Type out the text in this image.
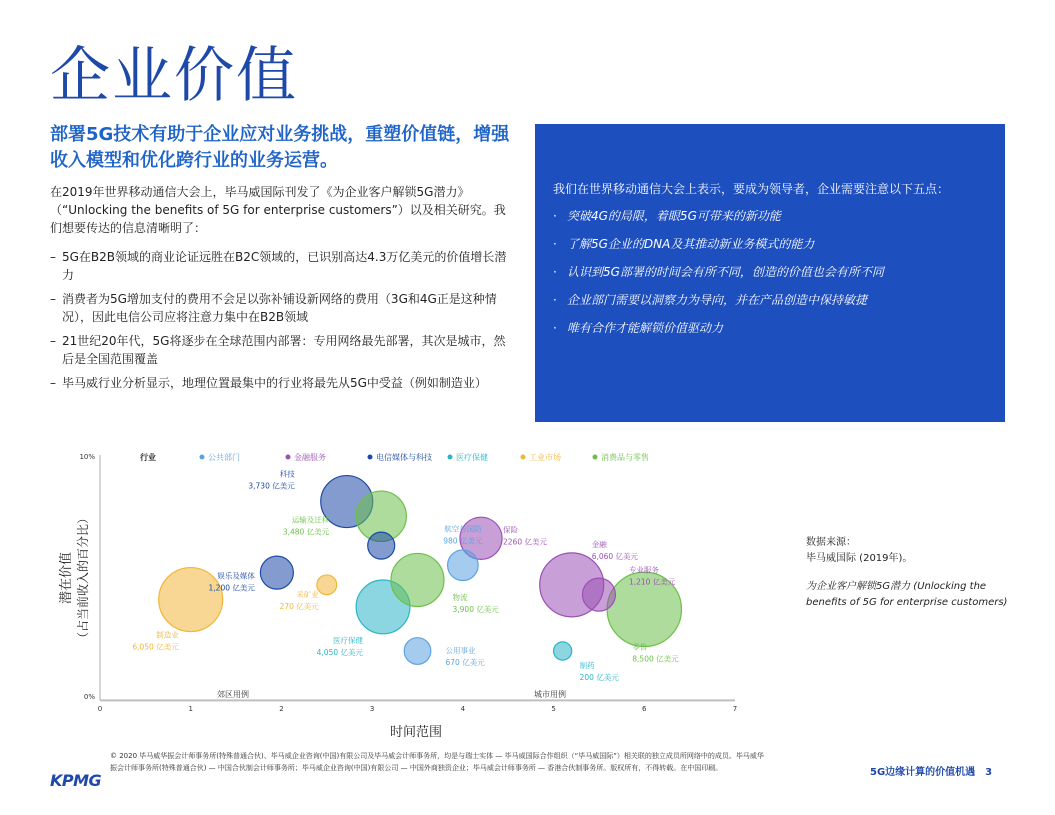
企业价值

部署5G技术有助于企业应对业务挑战，重塑价值链，增强收入模型和优化跨行业的业务运营。

在2019年世界移动通信大会上，毕马威国际刊发了《为企业客户解锁5G潜力》（“Unlocking the benefits of 5G for enterprise customers”）以及相关研究。我们想要传达的信息清晰明了：

– 5G在B2B领域的商业论证远胜在B2C领域的，已识别高达4.3万亿美元的价值增长潜力
– 消费者为5G增加支付的费用不会足以弥补铺设新网络的费用（3G和4G正是这种情况），因此电信公司应将注意力集中在B2B领域
– 21世纪20年代，5G将逐步在全球范围内部署：专用网络最先部署，其次是城市，然后是全国范围覆盖
– 毕马威行业分析显示，地理位置最集中的行业将最先从5G中受益（例如制造业）

我们在世界移动通信大会上表示，要成为领导者，企业需要注意以下五点：

· 突破4G的局限，着眼5G可带来的新功能
· 了解5G企业的DNA及其推动新业务模式的能力
· 认识到5G部署的时间会有所不同，创造的价值也会有所不同
· 企业部门需要以洞察力为导向，并在产品创造中保持敏捷
· 唯有合作才能解锁价值驱动力
行业	公共部门	金融服务	电信媒体与科技	医疗保健	工业市场	消费品与零售
科技
3,730 亿美元
运输及迁移
3,480 亿美元	航空与国防
980 亿美元
保险
2260 亿美元
娱乐及媒体
1,200 亿美元
采矿业
270 亿美元
制造业
6,050 亿美元
医疗保健
4,050 亿美元
物流
3,900 亿美元
公用事业
670 亿美元
金融
6,060 亿美元
专业服务
1,210 亿美元
零售
8,500 亿美元
制药
200 亿美元
10%
0%	郊区用例	城市用例
时间范围
潜在价值 （占当前收入的百分比）
0	1	2	3	4	5	6	7
数据来源：
毕马威国际 (2019年)。
为企业客户解锁5G潜力 (Unlocking the benefits of 5G for enterprise customers)
© 2020 毕马威华振会计师事务所(特殊普通合伙)、毕马威企业咨询(中国)有限公司及毕马威会计师事务所，均是与瑞士实体 — 毕马威国际合作组织（“毕马威国际”）相关联的独立成员所网络中的成员。毕马威华振会计师事务所(特殊普通合伙) — 中国合伙制会计师事务所；毕马威企业咨询(中国)有限公司 — 中国外商独资企业；毕马威会计师事务所 — 香港合伙制事务所。版权所有，不得转载。在中国印刷。
KPMG	5G边缘计算的价值机遇 3
